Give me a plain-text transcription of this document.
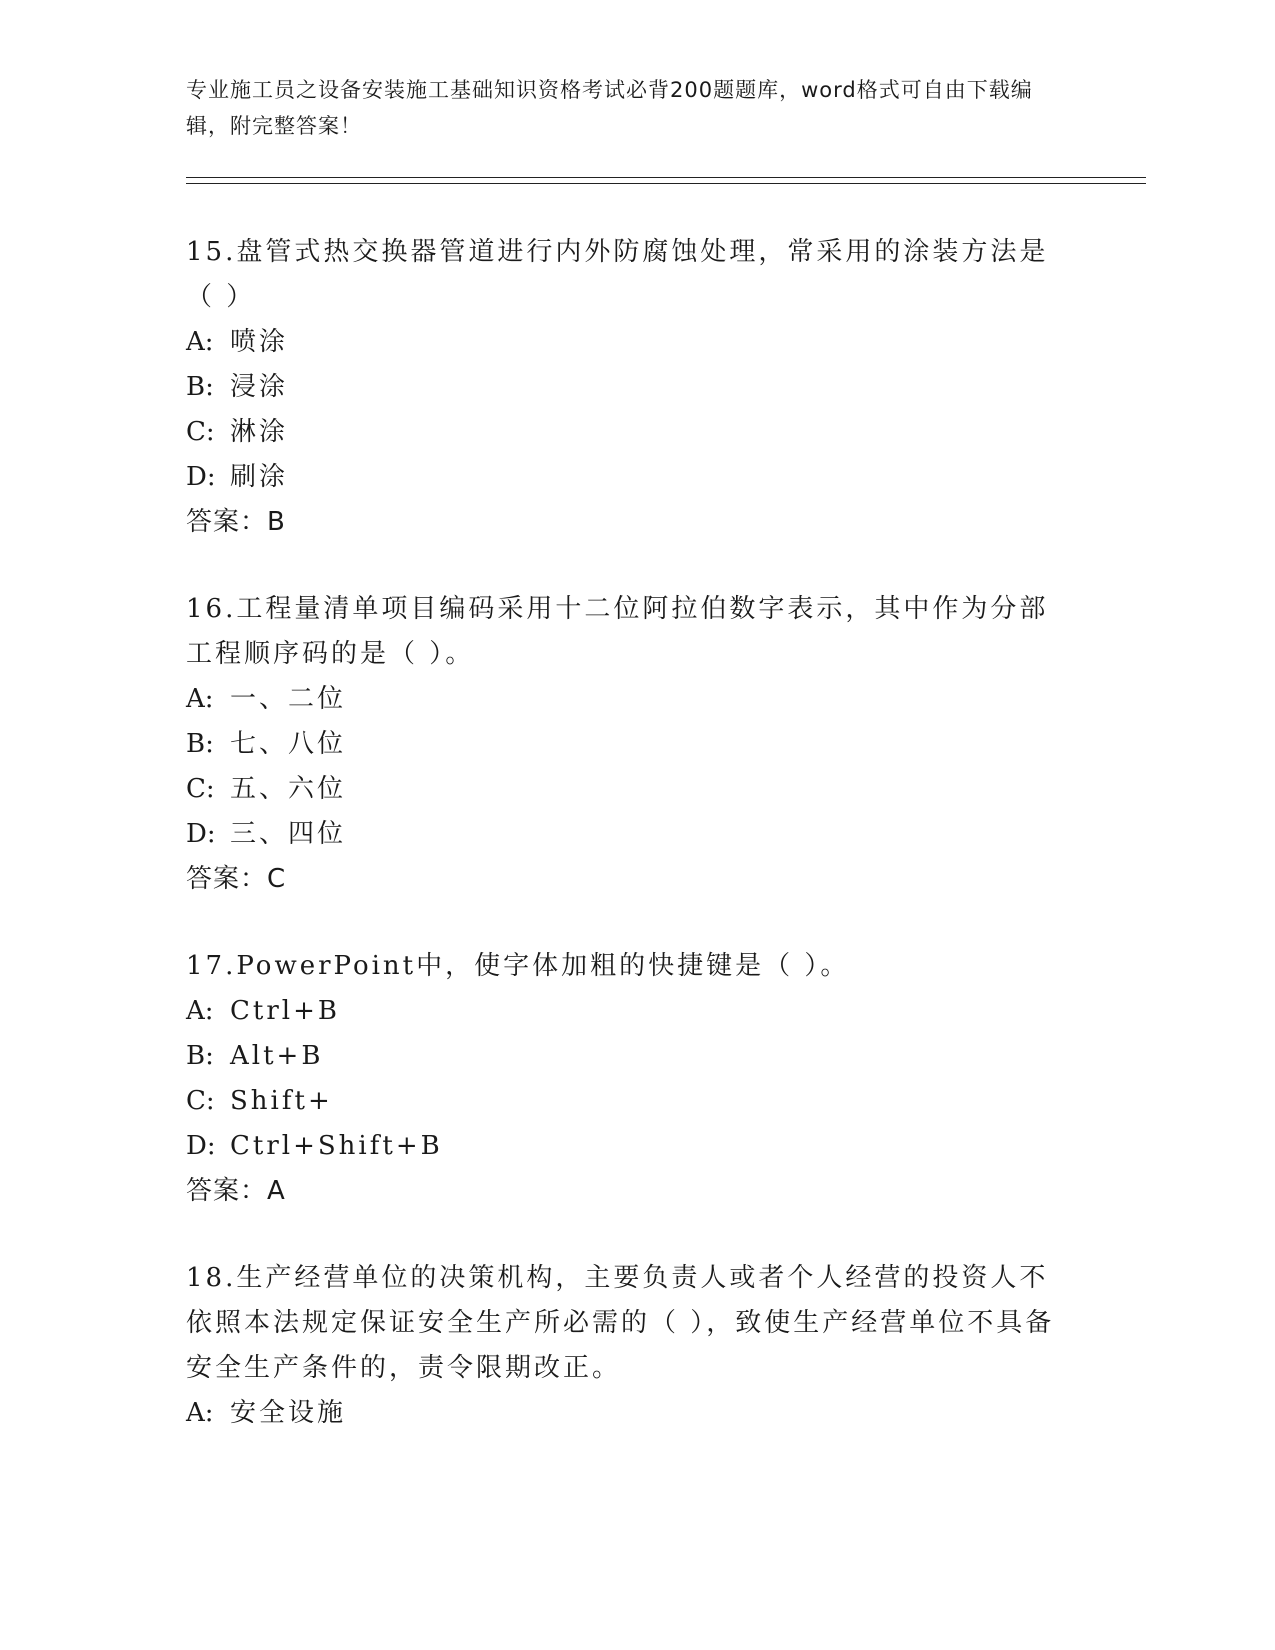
专业施工员之设备安装施工基础知识资格考试必背200题题库，word格式可自由下载编辑，附完整答案！
15.盘管式热交换器管道进行内外防腐蚀处理，常采用的涂装方法是（ ）
A: 喷涂
B: 浸涂
C: 淋涂
D: 刷涂
答案：B
16.工程量清单项目编码采用十二位阿拉伯数字表示，其中作为分部工程顺序码的是（ ）。
A: 一、二位
B: 七、八位
C: 五、六位
D: 三、四位
答案：C
17.PowerPoint中，使字体加粗的快捷键是（ ）。
A: Ctrl+B
B: Alt+B
C: Shift+
D: Ctrl+Shift+B
答案：A
18.生产经营单位的决策机构，主要负责人或者个人经营的投资人不依照本法规定保证安全生产所必需的（ ），致使生产经营单位不具备安全生产条件的，责令限期改正。
A: 安全设施
